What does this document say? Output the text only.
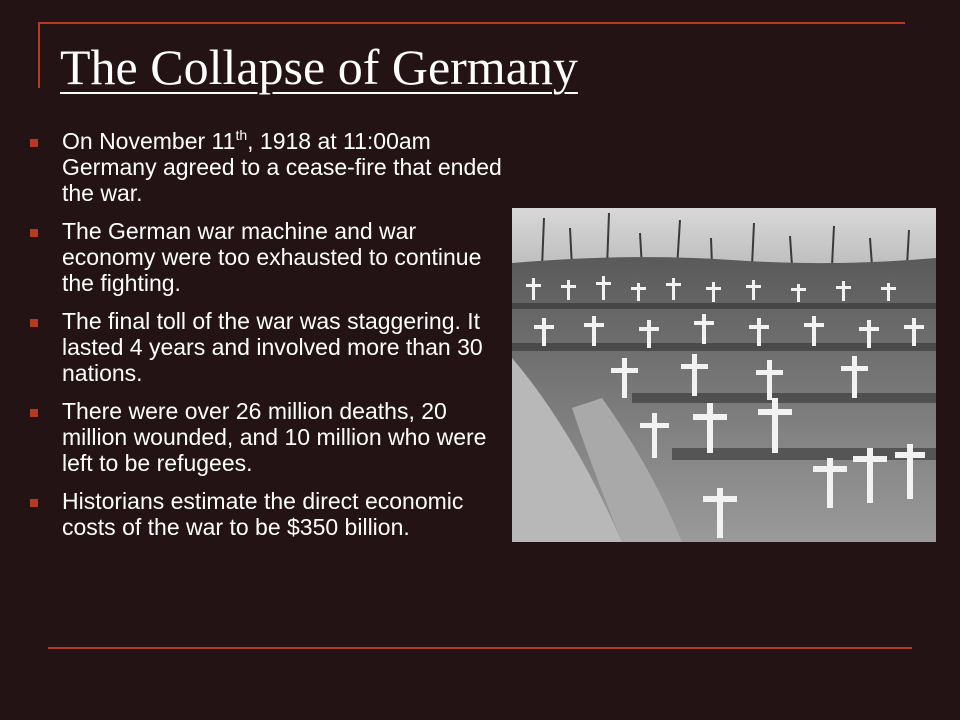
The Collapse of Germany
On November 11th, 1918 at 11:00am Germany agreed to a cease-fire that ended the war.
The German war machine and war economy were too exhausted to continue the fighting.
The final toll of the war was staggering. It lasted 4 years and involved more than 30 nations.
There were over 26 million deaths, 20 million wounded, and 10 million who were left to be refugees.
Historians estimate the direct economic costs of the war to be $350 billion.
